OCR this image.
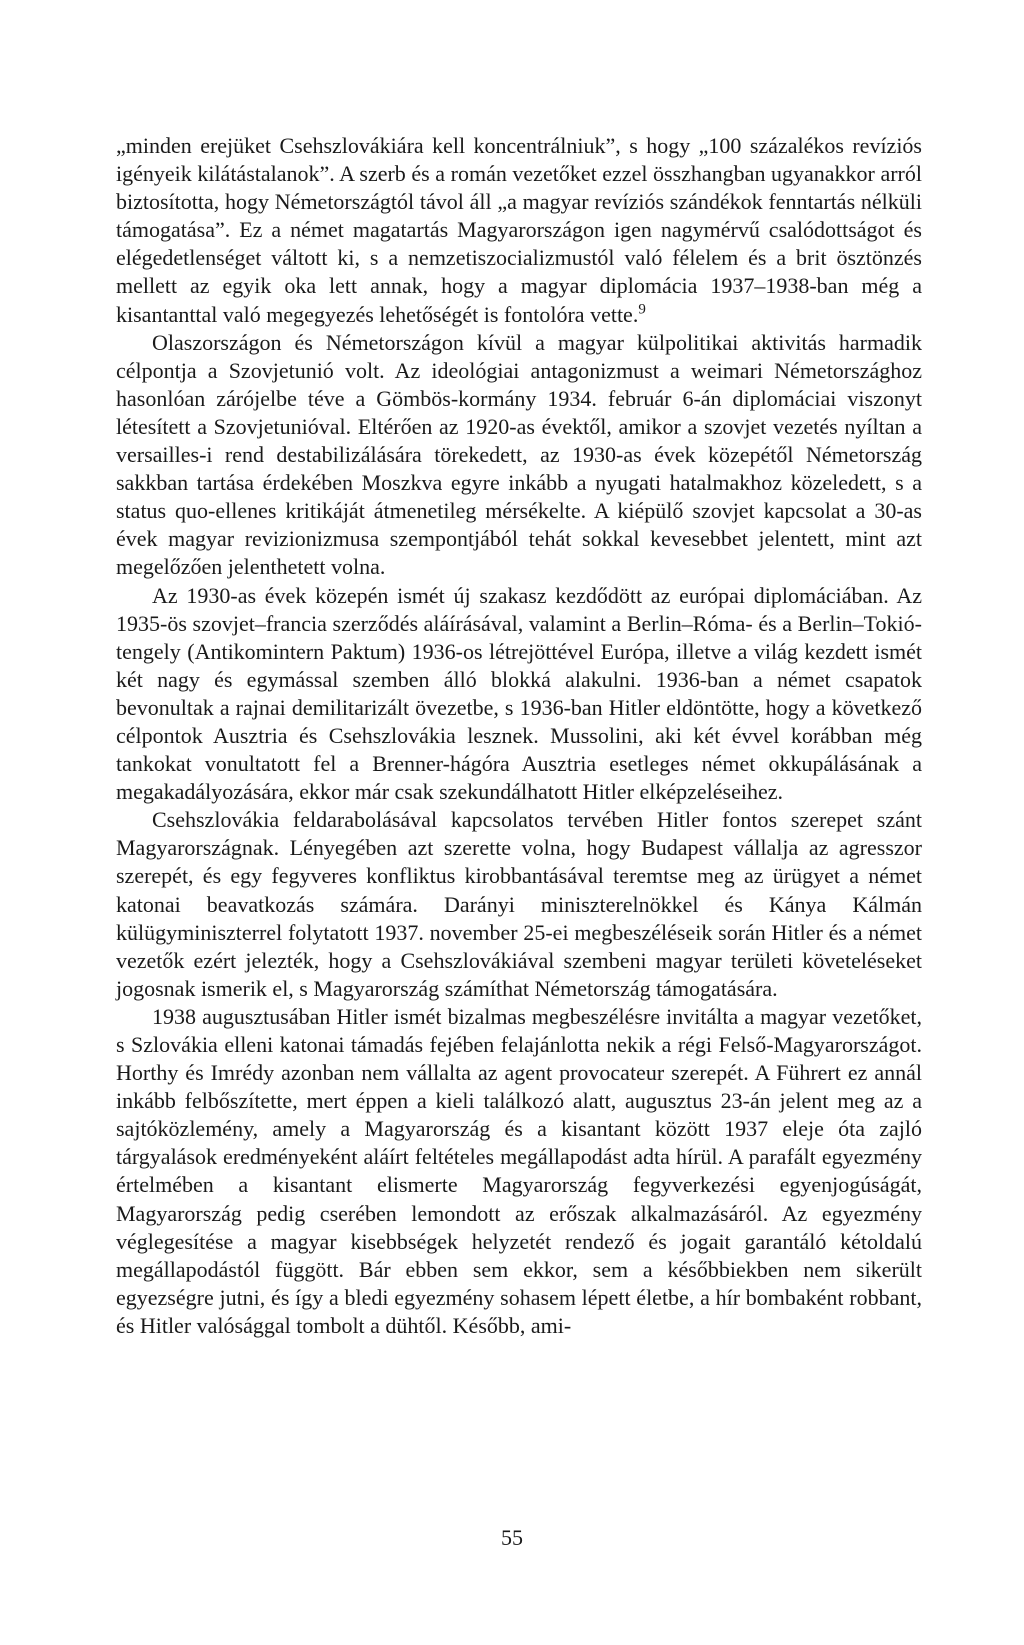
„minden erejüket Csehszlovákiára kell koncentrálniuk”, s hogy „100 százalékos revíziós igényeik kilátástalanok”. A szerb és a román vezetőket ezzel összhangban ugyanakkor arról biztosította, hogy Németországtól távol áll „a magyar revíziós szándékok fenntartás nélküli támogatása”. Ez a német magatartás Magyarországon igen nagymérvű csalódottságot és elégedetlenséget váltott ki, s a nemzetiszocializmustól való félelem és a brit ösztönzés mellett az egyik oka lett annak, hogy a magyar diplomácia 1937–1938-ban még a kisantanttal való megegyezés lehetőségét is fontolóra vette.$^9$

Olaszországon és Németországon kívül a magyar külpolitikai aktivitás harmadik célpontja a Szovjetunió volt. Az ideológiai antagonizmust a weimari Németországhoz hasonlóan zárójelbe téve a Gömbös-kormány 1934. február 6-án diplomáciai viszonyt létesített a Szovjetunióval. Eltérően az 1920-as évektől, amikor a szovjet vezetés nyíltan a versailles-i rend destabilizálására törekedett, az 1930-as évek közepétől Németország sakkban tartása érdekében Moszkva egyre inkább a nyugati hatalmakhoz közeledett, s a status quo-ellenes kritikáját átmenetileg mérsékelte. A kiépülő szovjet kapcsolat a 30-as évek magyar revizionizmusa szempontjából tehát sokkal kevesebbet jelentett, mint azt megelőzően jelenthetett volna.

Az 1930-as évek közepén ismét új szakasz kezdődött az európai diplomáciában. Az 1935-ös szovjet–francia szerződés aláírásával, valamint a Berlin–Róma- és a Berlin–Tokió-tengely (Antikomintern Paktum) 1936-os létrejöttével Európa, illetve a világ kezdett ismét két nagy és egymással szemben álló blokká alakulni. 1936-ban a német csapatok bevonultak a rajnai demilitarizált övezetbe, s 1936-ban Hitler eldöntötte, hogy a következő célpontok Ausztria és Csehszlovákia lesznek. Mussolini, aki két évvel korábban még tankokat vonultatott fel a Brenner-hágóra Ausztria esetleges német okkupálásának a megakadályozására, ekkor már csak szekundálhatott Hitler elképzeléseihez.

Csehszlovákia feldarabolásával kapcsolatos tervében Hitler fontos szerepet szánt Magyarországnak. Lényegében azt szerette volna, hogy Budapest vállalja az agresszor szerepét, és egy fegyveres konfliktus kirobbantásával teremtse meg az ürügyet a német katonai beavatkozás számára. Darányi miniszterelnökkel és Kánya Kálmán külügyminiszterrel folytatott 1937. november 25-ei megbeszéléseik során Hitler és a német vezetők ezért jelezték, hogy a Csehszlovákiával szembeni magyar területi követeléseket jogosnak ismerik el, s Magyarország számíthat Németország támogatására.

1938 augusztusában Hitler ismét bizalmas megbeszélésre invitálta a magyar vezetőket, s Szlovákia elleni katonai támadás fejében felajánlotta nekik a régi Felső-Magyarországot. Horthy és Imrédy azonban nem vállalta az agent provocateur szerepét. A Führert ez annál inkább felbőszítette, mert éppen a kieli találkozó alatt, augusztus 23-án jelent meg az a sajtóközlemény, amely a Magyarország és a kisantant között 1937 eleje óta zajló tárgyalások eredményeként aláírt feltételes megállapodást adta hírül. A parafált egyezmény értelmében a kisantant elismerte Magyarország fegyverkezési egyenjogúságát, Magyarország pedig cserében lemondott az erőszak alkalmazásáról. Az egyezmény véglegesítése a magyar kisebbségek helyzetét rendező és jogait garantáló kétoldalú megállapodástól függött. Bár ebben sem ekkor, sem a későbbiekben nem sikerült egyezségre jutni, és így a bledi egyezmény sohasem lépett életbe, a hír bombaként robbant, és Hitler valósággal tombolt a dühtől. Később, ami-

55
